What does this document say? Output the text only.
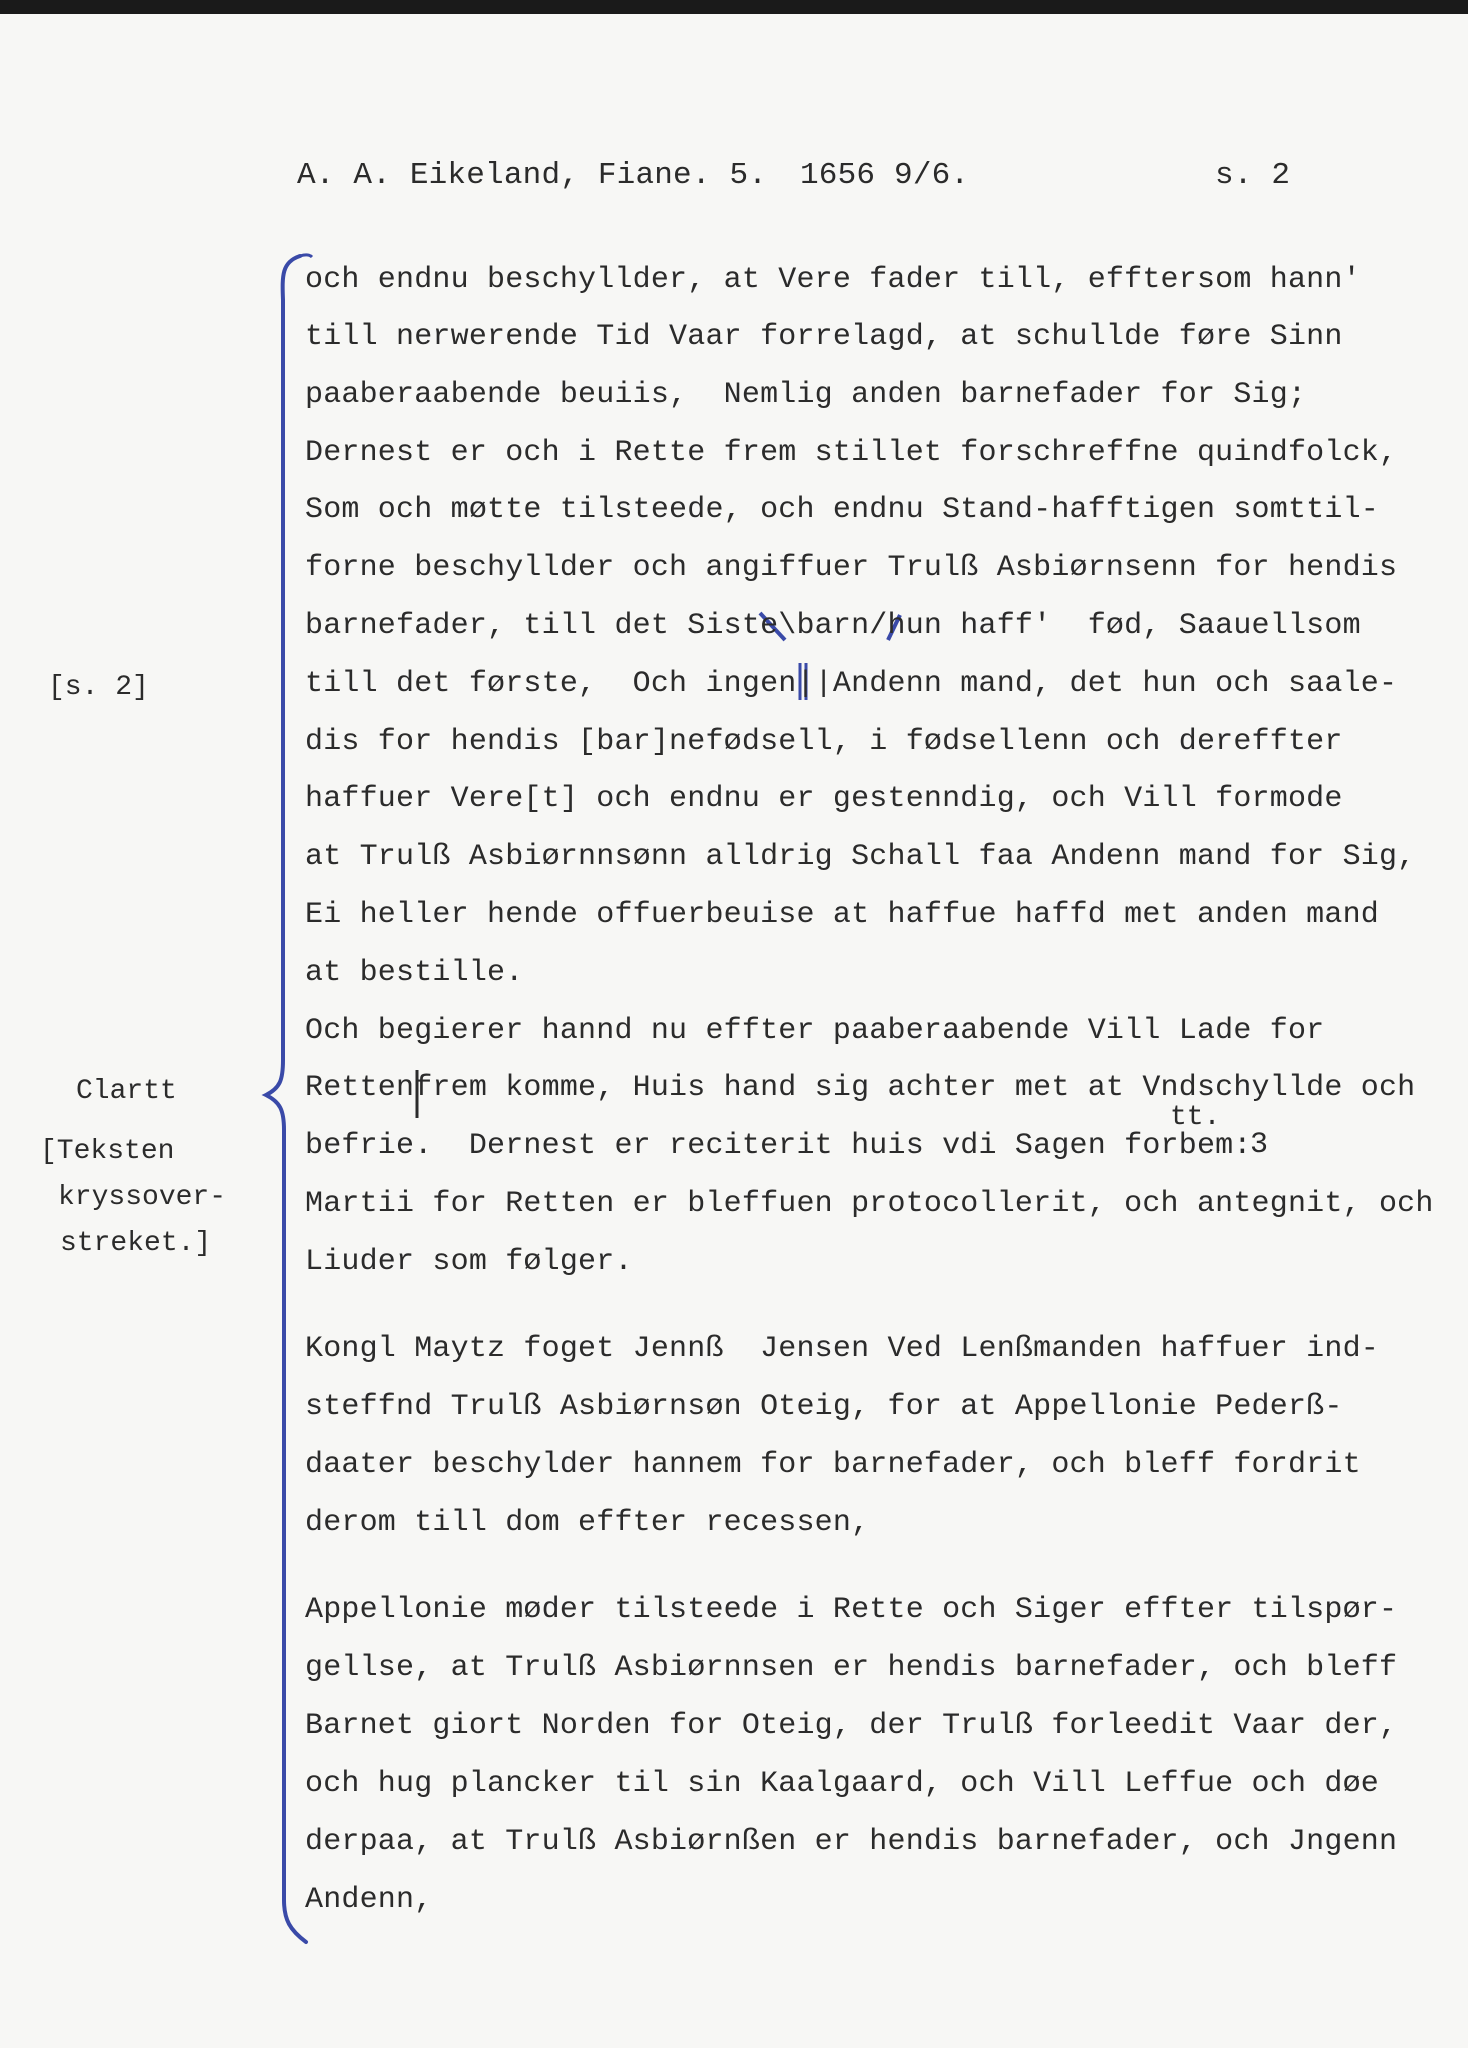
A. A. Eikeland, Fiane. 5. 1656 9/6.	s. 2
[s. 2]
Clartt
[Teksten
kryssover-
streket.]
och endnu beschyllder, at Vere fader till, efftersom hann'
till nerwerende Tid Vaar forrelagd, at schullde føre Sinn
paaberaabende beuiis,  Nemlig anden barnefader for Sig;
Dernest er och i Rette frem stillet forschreffne quindfolck,
Som och møtte tilsteede, och endnu Stand-hafftigen somttil-
forne beschyllder och angiffuer Trulß Asbiørnsenn for hendis
barnefader, till det Siste\barn/hun haff'  fød, Saauellsom
till det første,  Och ingen||Andenn mand, det hun och saale-
dis for hendis [bar]nefødsell, i fødsellenn och dereffter
haffuer Vere[t] och endnu er gestenndig, och Vill formode
at Trulß Asbiørnnsønn alldrig Schall faa Andenn mand for Sig,
Ei heller hende offuerbeuise at haffue haffd met anden mand
at bestille.
Och begierer hannd nu effter paaberaabende Vill Lade for
Rettenfrem komme, Huis hand sig achter met at Vndschyllde och
tt.
befrie.  Dernest er reciterit huis vdi Sagen forbem:
3
Martii for Retten er bleffuen protocollerit, och antegnit, och
Liuder som følger.
Kongl Maytz foget Jennß  Jensen Ved Lenßmanden haffuer ind-
steffnd Trulß Asbiørnsøn Oteig, for at Appellonie Pederß-
daater beschylder hannem for barnefader, och bleff fordrit
derom till dom effter recessen,
Appellonie møder tilsteede i Rette och Siger effter tilspør-
gellse, at Trulß Asbiørnnsen er hendis barnefader, och bleff
Barnet giort Norden for Oteig, der Trulß forleedit Vaar der,
och hug plancker til sin Kaalgaard, och Vill Leffue och døe
derpaa, at Trulß Asbiørnßen er hendis barnefader, och Jngenn
Andenn,
